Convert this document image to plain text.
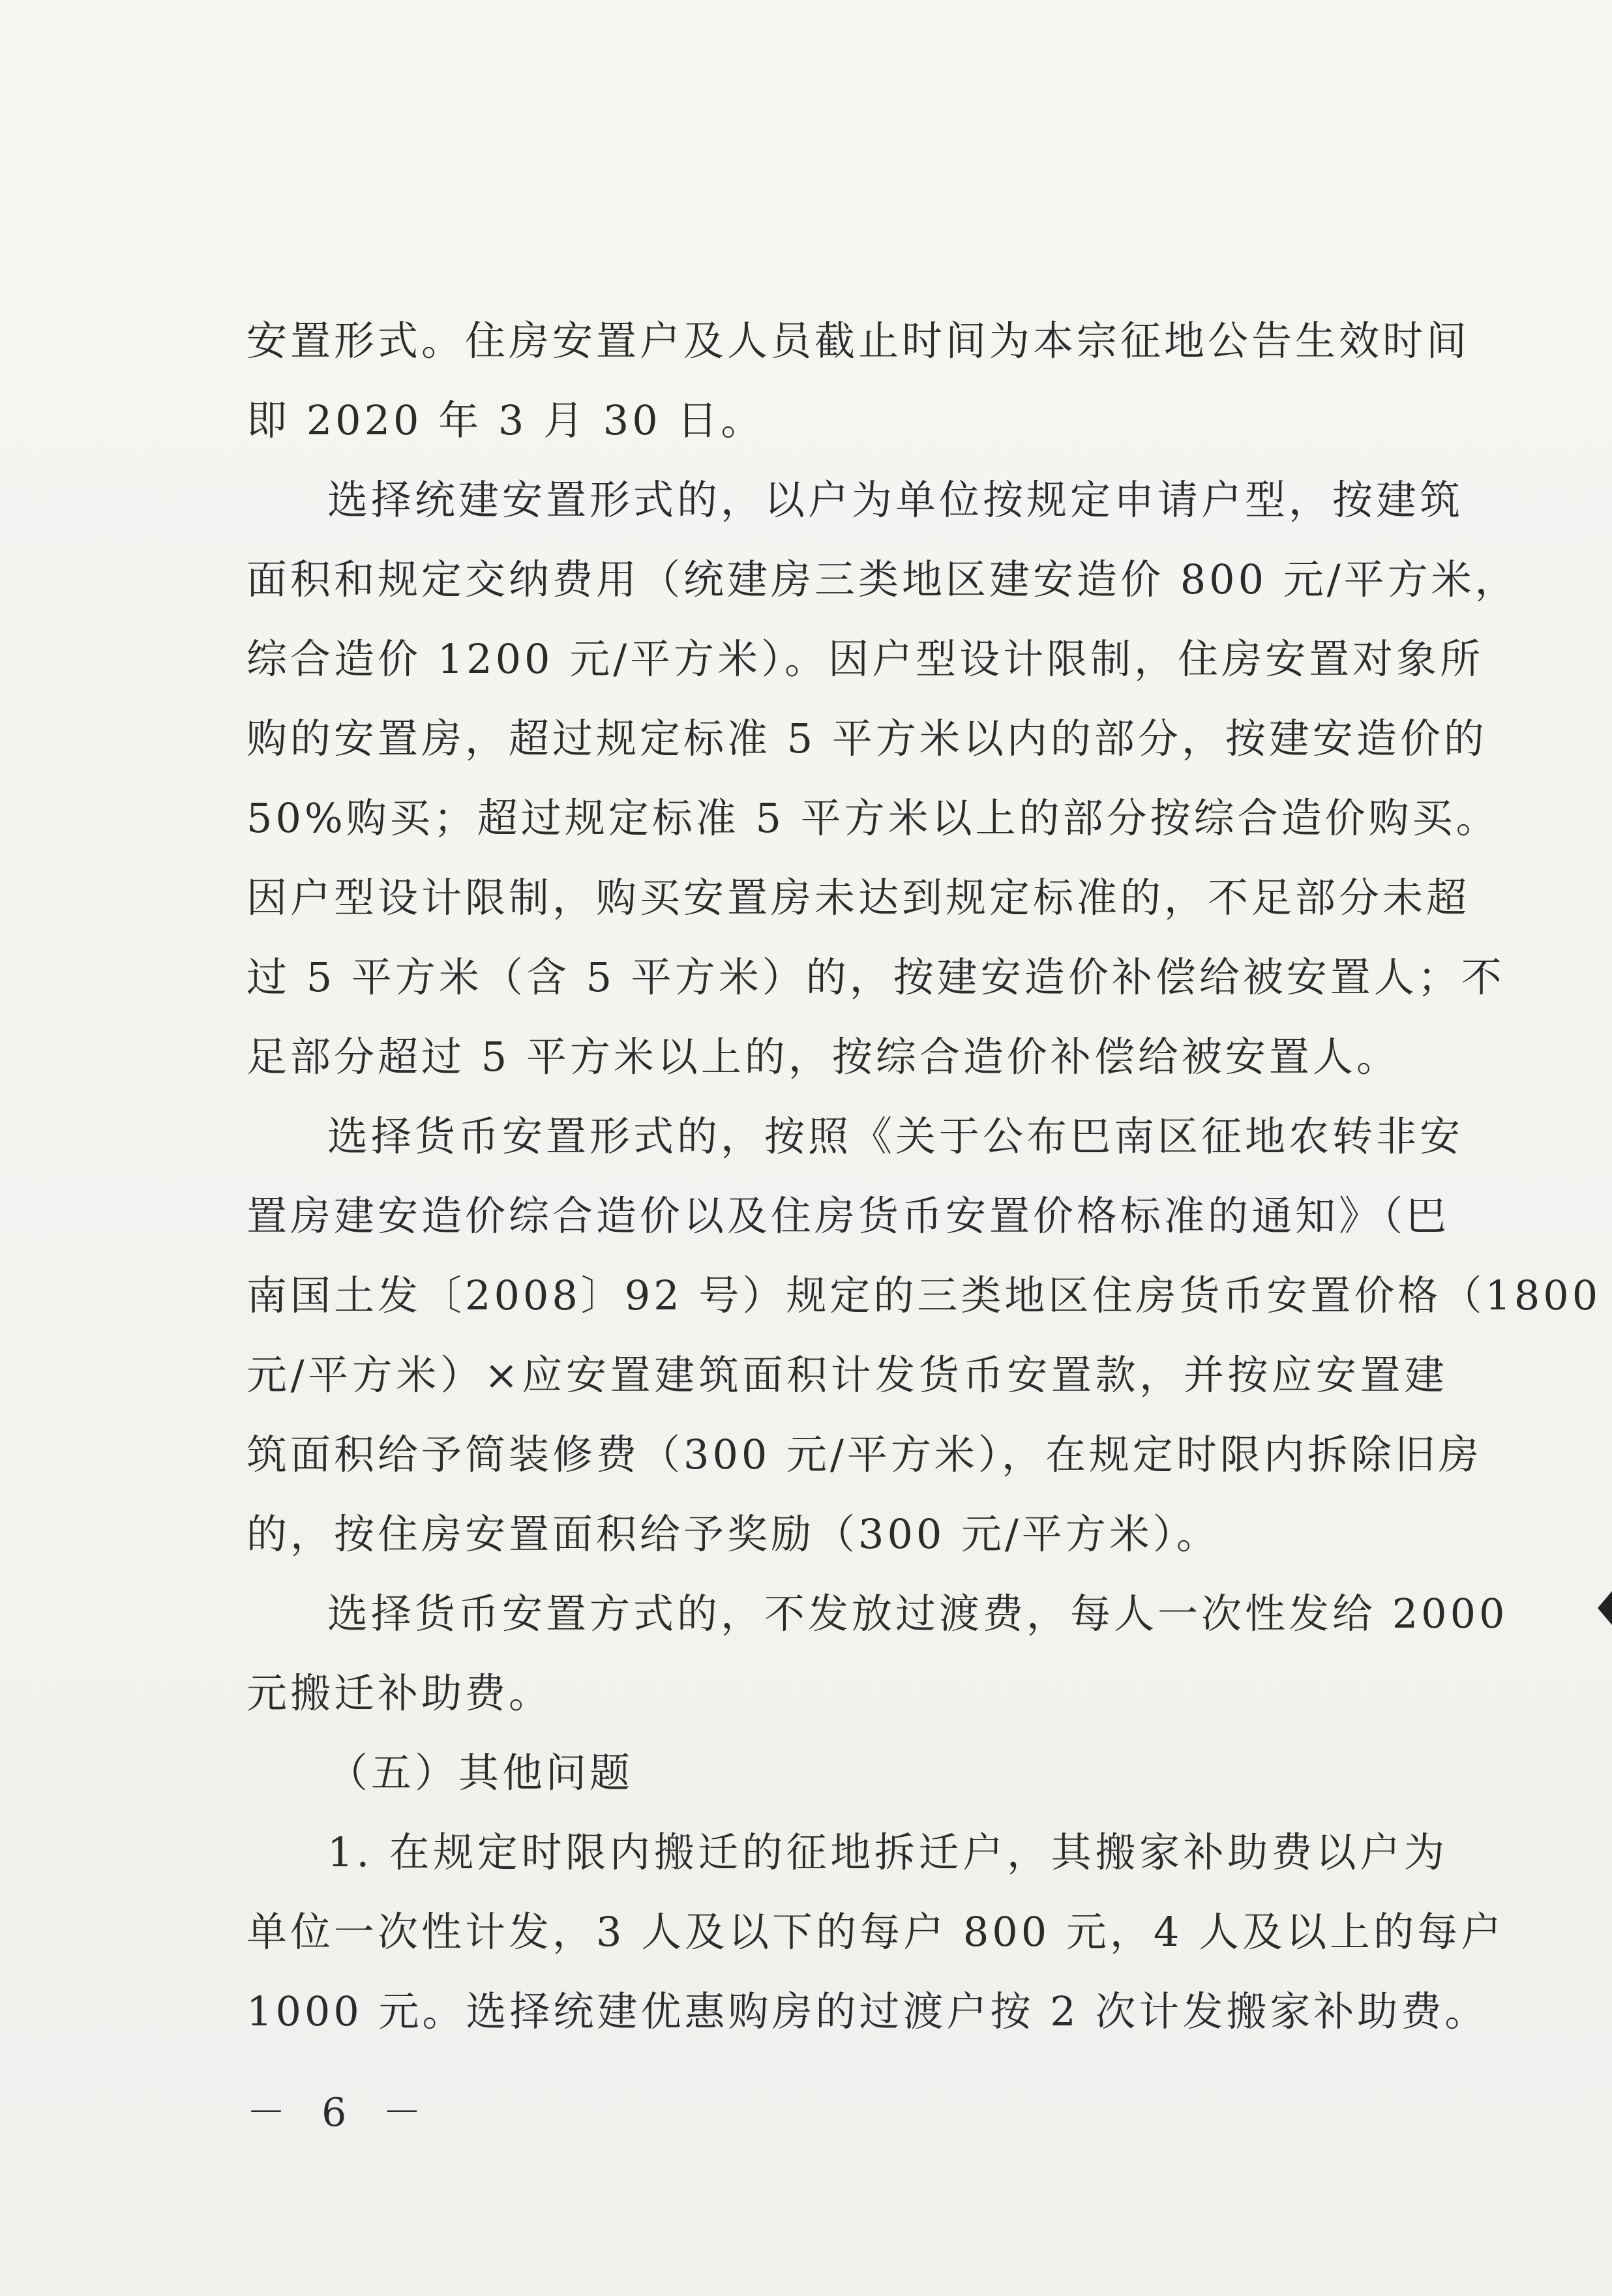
安置形式。住房安置户及人员截止时间为本宗征地公告生效时间
即 2020 年 3 月 30 日。

选择统建安置形式的，以户为单位按规定申请户型，按建筑
面积和规定交纳费用（统建房三类地区建安造价 800 元/平方米，
综合造价 1200 元/平方米）。因户型设计限制，住房安置对象所
购的安置房，超过规定标准 5 平方米以内的部分，按建安造价的
50%购买；超过规定标准 5 平方米以上的部分按综合造价购买。
因户型设计限制，购买安置房未达到规定标准的，不足部分未超
过 5 平方米（含 5 平方米）的，按建安造价补偿给被安置人；不
足部分超过 5 平方米以上的，按综合造价补偿给被安置人。

选择货币安置形式的，按照《关于公布巴南区征地农转非安
置房建安造价综合造价以及住房货币安置价格标准的通知》（巴
南国土发〔2008〕92 号）规定的三类地区住房货币安置价格（1800
元/平方米）×应安置建筑面积计发货币安置款，并按应安置建
筑面积给予简装修费（300 元/平方米），在规定时限内拆除旧房
的，按住房安置面积给予奖励（300 元/平方米）。

选择货币安置方式的，不发放过渡费，每人一次性发给 2000
元搬迁补助费。

（五）其他问题

1. 在规定时限内搬迁的征地拆迁户，其搬家补助费以户为
单位一次性计发，3 人及以下的每户 800 元，4 人及以上的每户
1000 元。选择统建优惠购房的过渡户按 2 次计发搬家补助费。

－ 6 －
